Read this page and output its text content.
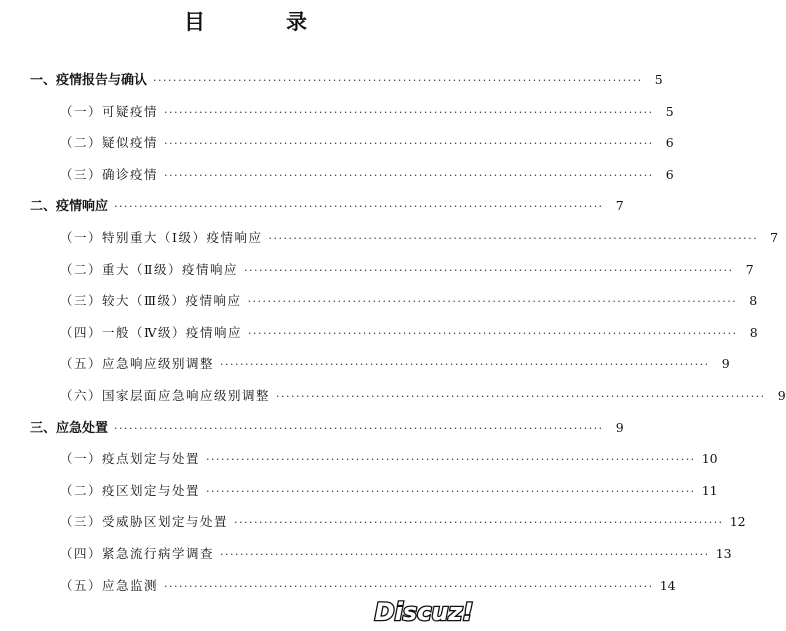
目　录
一、疫情报告与确认 ·································································································· 5
（一）可疑疫情 ·································································································· 5
（二）疑似疫情 ·································································································· 6
（三）确诊疫情 ·································································································· 6
二、疫情响应 ·································································································· 7
（一）特别重大（Ⅰ级）疫情响应 ·································································································· 7
（二）重大（Ⅱ级）疫情响应 ·································································································· 7
（三）较大（Ⅲ级）疫情响应 ·································································································· 8
（四）一般（Ⅳ级）疫情响应 ·································································································· 8
（五）应急响应级别调整 ·································································································· 9
（六）国家层面应急响应级别调整 ·································································································· 9
三、应急处置 ·································································································· 9
（一）疫点划定与处置 ·································································································· 10
（二）疫区划定与处置 ·································································································· 11
（三）受威胁区划定与处置 ·································································································· 12
（四）紧急流行病学调查 ·································································································· 13
（五）应急监测 ·································································································· 14
Discuz!
